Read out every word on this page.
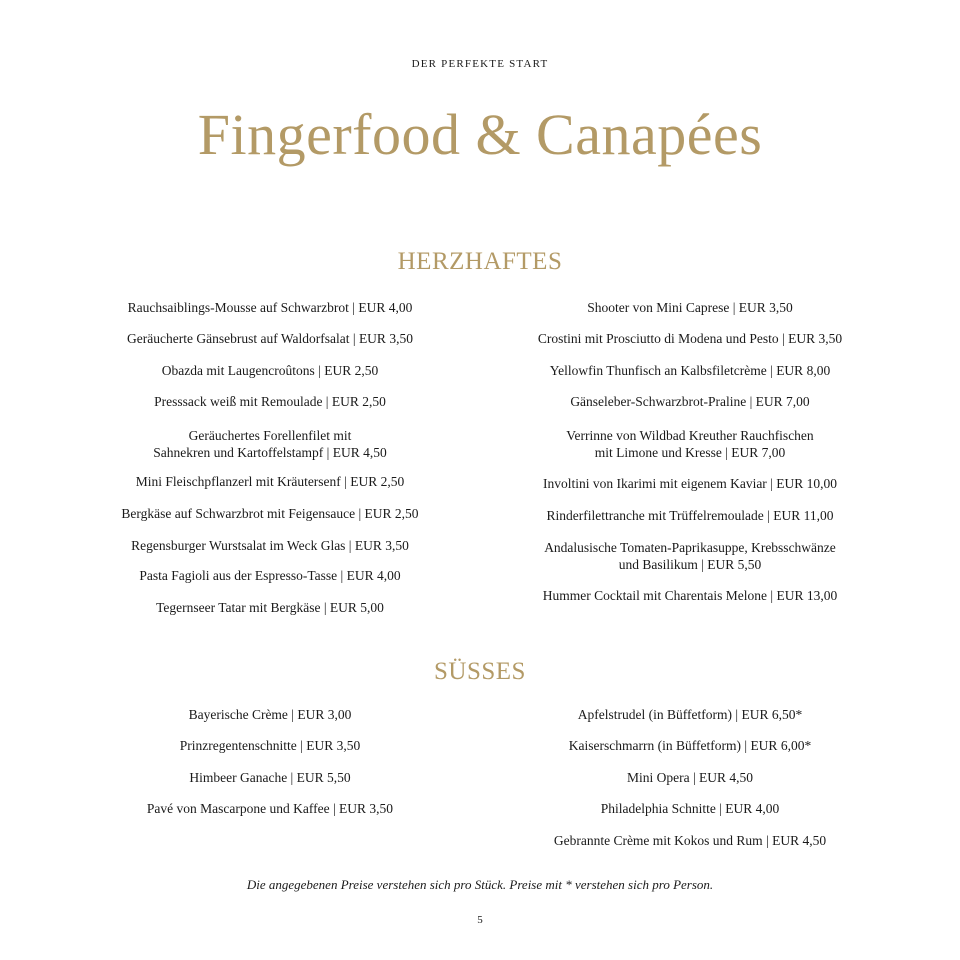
DER PERFEKTE START
Fingerfood & Canapées
HERZHAFTES
Rauchsaiblings-Mousse auf Schwarzbrot | EUR 4,00
Geräucherte Gänsebrust auf Waldorfsalat | EUR 3,50
Obazda mit Laugencroûtons | EUR 2,50
Presssack weiß mit Remoulade | EUR 2,50
Geräuchertes Forellenfilet mit
Sahnekren und Kartoffelstampf | EUR 4,50
Mini Fleischpflanzerl mit Kräutersenf | EUR 2,50
Bergkäse auf Schwarzbrot mit Feigensauce | EUR 2,50
Regensburger Wurstsalat im Weck Glas | EUR 3,50
Pasta Fagioli aus der Espresso-Tasse | EUR 4,00
Tegernseer Tatar mit Bergkäse | EUR 5,00
Shooter von Mini Caprese | EUR 3,50
Crostini mit Prosciutto di Modena und Pesto | EUR 3,50
Yellowfin Thunfisch an Kalbsfiletcrème | EUR 8,00
Gänseleber-Schwarzbrot-Praline | EUR 7,00
Verrinne von Wildbad Kreuther Rauchfischen
mit Limone und Kresse | EUR 7,00
Involtini von Ikarimi mit eigenem Kaviar | EUR 10,00
Rinderfilettranche mit Trüffelremoulade | EUR 11,00
Andalusische Tomaten-Paprikasuppe, Krebsschwänze
und Basilikum | EUR 5,50
Hummer Cocktail mit Charentais Melone | EUR 13,00
SÜSSES
Bayerische Crème | EUR 3,00
Prinzregentenschnitte | EUR 3,50
Himbeer Ganache | EUR 5,50
Pavé von Mascarpone und Kaffee | EUR 3,50
Apfelstrudel (in Büffetform) | EUR 6,50*
Kaiserschmarrn (in Büffetform) | EUR 6,00*
Mini Opera | EUR 4,50
Philadelphia Schnitte | EUR 4,00
Gebrannte Crème mit Kokos und Rum | EUR 4,50
Die angegebenen Preise verstehen sich pro Stück. Preise mit * verstehen sich pro Person.
5
